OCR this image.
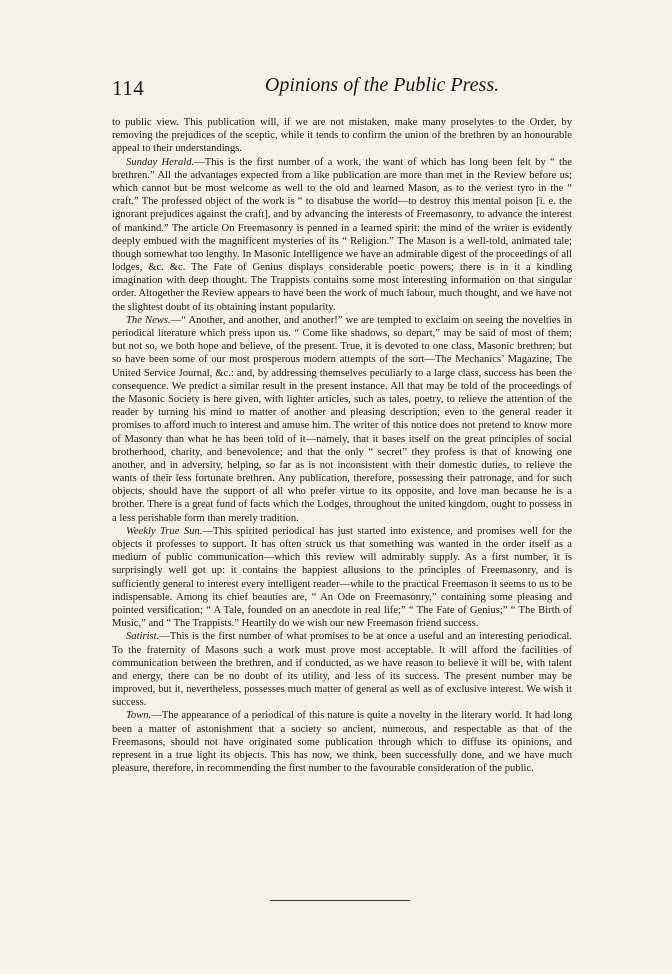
114	Opinions of the Public Press.

to public view. This publication will, if we are not mistaken, make many proselytes to the Order, by removing the prejudices of the sceptic, while it tends to confirm the union of the brethren by an honourable appeal to their understandings.

Sunday Herald.—This is the first number of a work, the want of which has long been felt by “ the brethren.” All the advantages expected from a like publication are more than met in the Review before us; which cannot but be most welcome as well to the old and learned Mason, as to the veriest tyro in the “ craft.” The professed object of the work is “ to disabuse the world—to destroy this mental poison [i. e. the ignorant prejudices against the craft], and by advancing the interests of Freemasonry, to advance the interest of mankind.” The article On Freemasonry is penned in a learned spirit: the mind of the writer is evidently deeply embued with the magnificent mysteries of its “ Religion.” The Mason is a well-told, animated tale; though somewhat too lengthy. In Masonic Intelligence we have an admirable digest of the proceedings of all lodges, &c. &c. The Fate of Genius displays considerable poetic powers; there is in it a kindling imagination with deep thought. The Trappists contains some most interesting information on that singular order. Altogether the Review appears to have been the work of much labour, much thought, and we have not the slightest doubt of its obtaining instant popularity.

The News.—“ Another, and another, and another!” we are tempted to exclaim on seeing the novelties in periodical literature which press upon us. “ Come like shadows, so depart,” may be said of most of them; but not so, we both hope and believe, of the present. True, it is devoted to one class, Masonic brethren; but so have been some of our most prosperous modern attempts of the sort—The Mechanics’ Magazine, The United Service Journal, &c.: and, by addressing themselves peculiarly to a large class, success has been the consequence. We predict a similar result in the present instance. All that may be told of the proceedings of the Masonic Society is here given, with lighter articles, such as tales, poetry, to relieve the attention of the reader by turning his mind to matter of another and pleasing description; even to the general reader it promises to afford much to interest and amuse him. The writer of this notice does not pretend to know more of Masonry than what he has been told of it—namely, that it bases itself on the great principles of social brotherhood, charity, and benevolence; and that the only “ secret” they profess is that of knowing one another, and in adversity, helping, so far as is not inconsistent with their domestic duties, to relieve the wants of their less fortunate brethren. Any publication, therefore, possessing their patronage, and for such objects, should have the support of all who prefer virtue to its opposite, and love man because he is a brother. There is a great fund of facts which the Lodges, throughout the united kingdom, ought to possess in a less perishable form than merely tradition.

Weekly True Sun.—This spirited periodical has just started into existence, and promises well for the objects it professes to support. It has often struck us that something was wanted in the order itself as a medium of public communication—which this review will admirably supply. As a first number, it is surprisingly well got up: it contains the happiest allusions to the principles of Freemasonry, and is sufficiently general to interest every intelligent reader—while to the practical Freemason it seems to us to be indispensable. Among its chief beauties are, “ An Ode on Freemasonry,” containing some pleasing and pointed versification; “ A Tale, founded on an anecdote in real life;” “ The Fate of Genius;” “ The Birth of Music,” and “ The Trappists.” Heartily do we wish our new Freemason friend success.

Satirist.—This is the first number of what promises to be at once a useful and an interesting periodical. To the fraternity of Masons such a work must prove most acceptable. It will afford the facilities of communication between the brethren, and if conducted, as we have reason to believe it will be, with talent and energy, there can be no doubt of its utility, and less of its success. The present number may be improved, but it, nevertheless, possesses much matter of general as well as of exclusive interest. We wish it success.

Town.—The appearance of a periodical of this nature is quite a novelty in the literary world. It had long been a matter of astonishment that a society so ancient, numerous, and respectable as that of the Freemasons, should not have originated some publication through which to diffuse its opinions, and represent in a true light its objects. This has now, we think, been successfully done, and we have much pleasure, therefore, in recommending the first number to the favourable consideration of the public.
